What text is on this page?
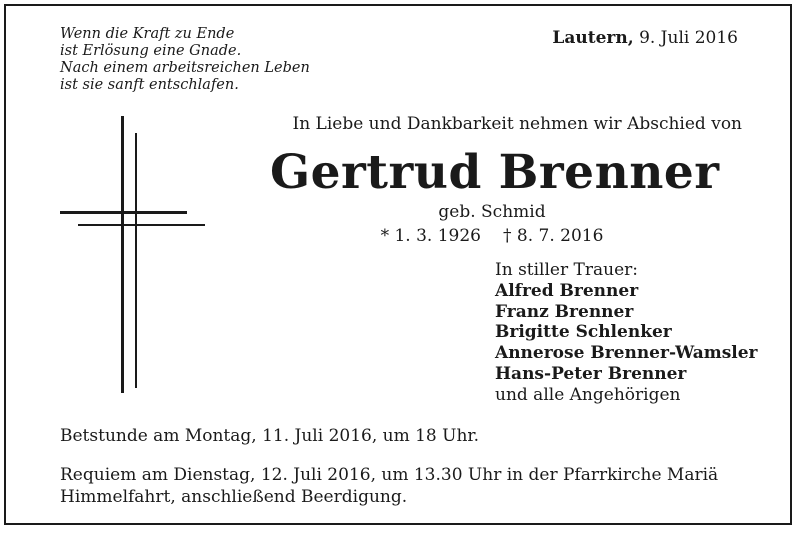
Wenn die Kraft zu Ende
ist Erlösung eine Gnade.
Nach einem arbeitsreichen Leben
ist sie sanft entschlafen.
Lautern, 9. Juli 2016
In Liebe und Dankbarkeit nehmen wir Abschied von
Gertrud Brenner
geb. Schmid
* 1. 3. 1926 † 8. 7. 2016
In stiller Trauer:
Alfred Brenner
Franz Brenner
Brigitte Schlenker
Annerose Brenner-Wamsler
Hans-Peter Brenner
und alle Angehörigen
Betstunde am Montag, 11. Juli 2016, um 18 Uhr.
Requiem am Dienstag, 12. Juli 2016, um 13.30 Uhr in der Pfarrkirche Mariä
Himmelfahrt, anschließend Beerdigung.
